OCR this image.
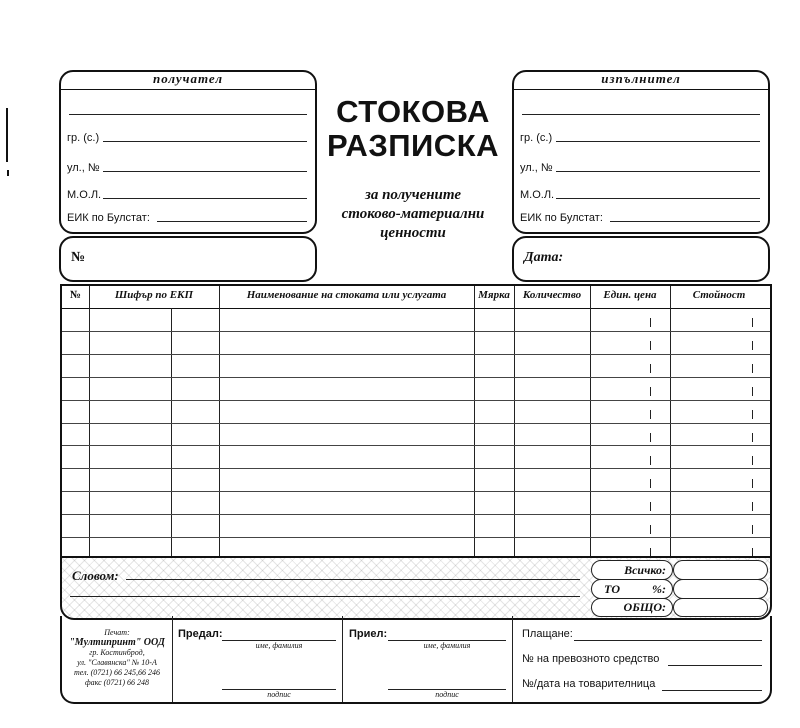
получател
гр. (с.)
ул., №
М.О.Л.
ЕИК по Булстат:
СТОКОВА
РАЗПИСКА
за получените
стоково-материални
ценности
изпълнител
гр. (с.)
ул., №
М.О.Л.
ЕИК по Булстат:
№	Дата:
№	Шифър по ЕКП	Наименование на стоката или услугата	Мярка	Количество	Един. цена	Стойност
Словом:	Всичко:
ТО	%:
ОБЩО:
Печат:
"Мултипринт" ООД
гр. Костинброд,
ул. "Славянска" № 10-А
тел. (0721) 66 245,66 246
факс (0721) 66 248
Предал:
име, фамилия
подпис
Приел:
име, фамилия
подпис
Плащане:
№ на превозното средство
№/дата на товарителница
